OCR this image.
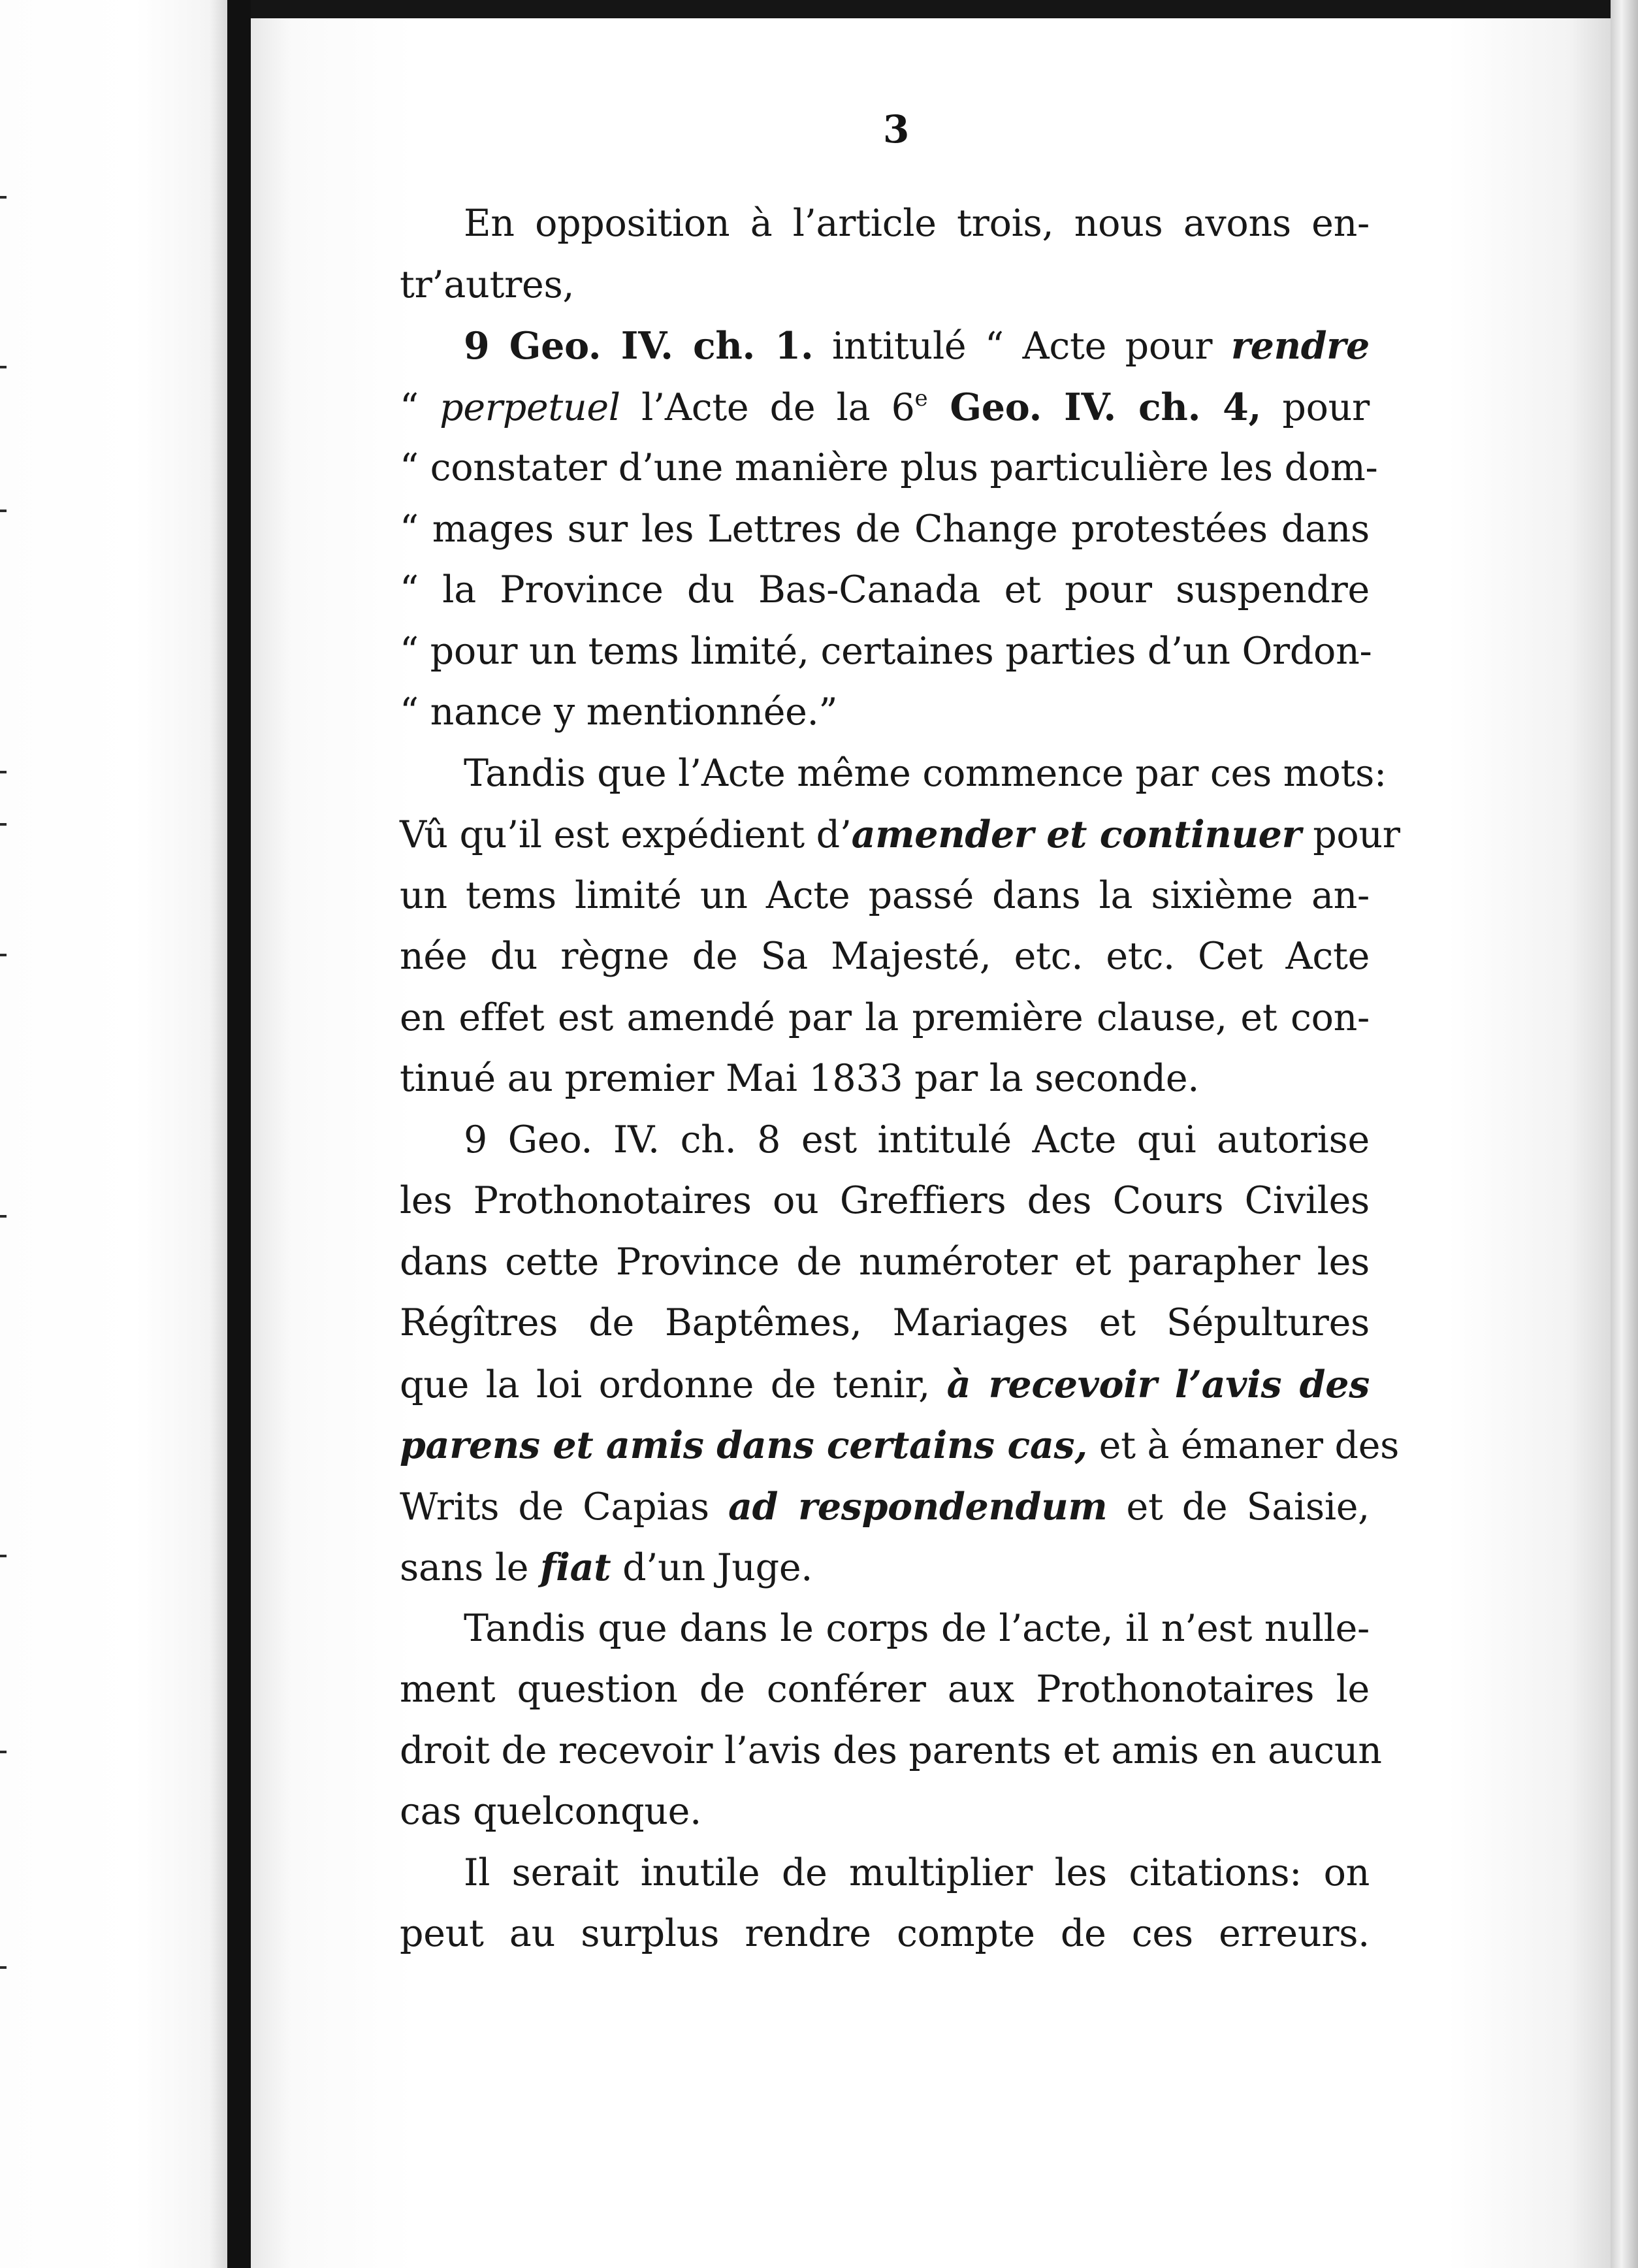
3
En opposition à l’article trois, nous avons en-
tr’autres,
9 Geo. IV. ch. 1. intitulé “ Acte pour rendre
“ perpetuel l’Acte de la 6e Geo. IV. ch. 4, pour
“ constater d’une manière plus particulière les dom-
“ mages sur les Lettres de Change protestées dans
“ la Province du Bas-Canada et pour suspendre
“ pour un tems limité, certaines parties d’un Ordon-
“ nance y mentionnée.”
Tandis que l’Acte même commence par ces mots:
Vû qu’il est expédient d’amender et continuer pour
un tems limité un Acte passé dans la sixième an-
née du règne de Sa Majesté, etc. etc. Cet Acte
en effet est amendé par la première clause, et con-
tinué au premier Mai 1833 par la seconde.
9 Geo. IV. ch. 8 est intitulé Acte qui autorise
les Prothonotaires ou Greffiers des Cours Civiles
dans cette Province de numéroter et parapher les
Régîtres de Baptêmes, Mariages et Sépultures
que la loi ordonne de tenir, à recevoir l’avis des
parens et amis dans certains cas, et à émaner des
Writs de Capias ad respondendum et de Saisie,
sans le fiat d’un Juge.
Tandis que dans le corps de l’acte, il n’est nulle-
ment question de conférer aux Prothonotaires le
droit de recevoir l’avis des parents et amis en aucun
cas quelconque.
Il serait inutile de multiplier les citations: on
peut au surplus rendre compte de ces erreurs.
